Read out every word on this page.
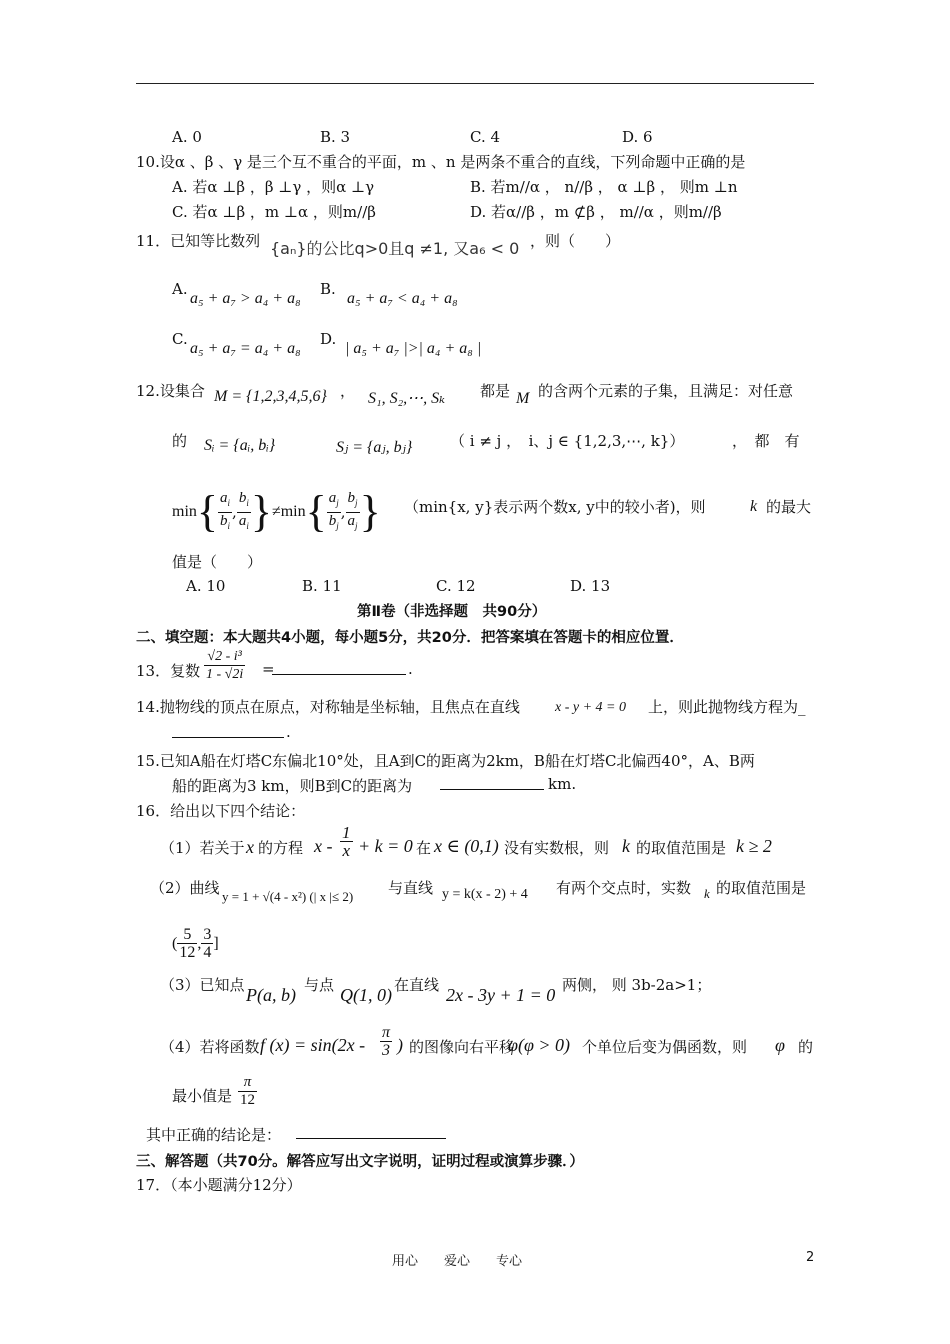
A. 0	B. 3	C. 4	D. 6
10.设α 、β 、γ 是三个互不重合的平面，m 、n 是两条不重合的直线，下列命题中正确的是
A. 若α ⊥β ，β ⊥γ ，则α ⊥γ	B. 若m//α ， n//β ， α ⊥β ， 则m ⊥n
C. 若α ⊥β ，m ⊥α ，则m//β	D. 若α//β ，m ⊄β ， m//α ，则m//β
11．已知等比数列 {aₙ}的公比q>0且q ≠1, 又a₆ < 0 ，则（　　）
A.
a₅ + a₇ > a₄ + a₈
B.
a₅ + a₇ < a₄ + a₈
C.
a₅ + a₇ = a₄ + a₈
D.
| a₅ + a₇ |>| a₄ + a₈ |
12.设集合 M = {1,2,3,4,5,6} ， S₁, S₂,⋯, Sₖ 都是 M 的含两个元素的子集，且满足：对任意
的 Sᵢ = {aᵢ, bᵢ}	Sⱼ = {aⱼ, bⱼ}	（ i ≠ j ，　i、j ∈ {1,2,3,⋯, k}）	，　都　有
min { $\frac{a_i}{b_i}$ , $\frac{b_i}{a_i}$ } ≠min { $\frac{a_j}{b_j}$ , $\frac{b_j}{a_j}$ } （min{x, y}表示两个数x, y中的较小者)，则	k 的最大
值是（　　）
A. 10	B. 11	C. 12	D. 13
第Ⅱ卷（非选择题　共90分）
二、填空题：本大题共4小题，每小题5分，共20分．把答案填在答题卡的相应位置．
13．复数 $\frac{\text{√2 - i³}}{1 - √2i}$ =	.
14.抛物线的顶点在原点，对称轴是坐标轴，且焦点在直线	x - y + 4 = 0 上，则此抛物线方程为_
.
15.已知A船在灯塔C东偏北10°处，且A到C的距离为2km，B船在灯塔C北偏西40°，A、B两
船的距离为3 km，则B到C的距离为	km.
16．给出以下四个结论：
（1）若关于 x 的方程 $x - \frac{1}{x} + k = 0$ 在 x ∈ (0,1) 没有实数根，则 k 的取值范围是 k ≥ 2
（2）曲线 y = 1 + √(4 - x²) (| x |≤ 2) 与直线 y = k(x - 2) + 4 有两个交点时，实数 k 的取值范围是
( $\frac{5}{12}$ , $\frac{3}{4}$ ]
（3）已知点 P(a, b) 与点 Q(1, 0) 在直线 2x - 3y + 1 = 0 两侧， 则 3b-2a>1；
（4）若将函数 f $(x) = \sin(2x - \frac{\pi}{3}$ ) 的图像向右平移
φ(φ > 0) 个单位后变为偶函数，则 φ 的
最小值是 $\frac{\pi}{12}$
其中正确的结论是：
三、解答题（共70分。解答应写出文字说明，证明过程或演算步骤．）
17．（本小题满分12分）
用心　　爱心　　专心	2
